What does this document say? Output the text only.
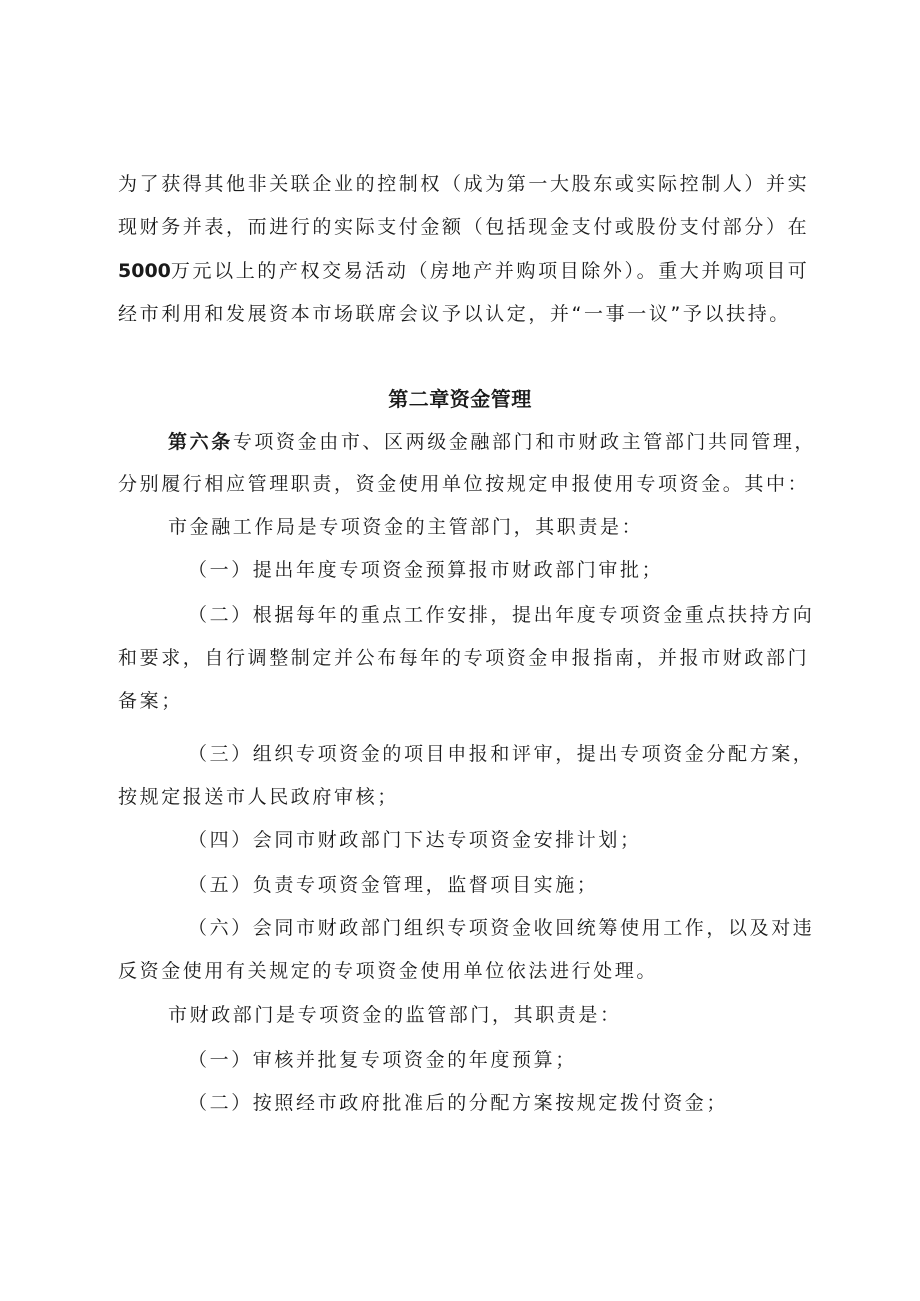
为了获得其他非关联企业的控制权（成为第一大股东或实际控制人）并实
现财务并表，而进行的实际支付金额（包括现金支付或股份支付部分）在
5000万元以上的产权交易活动（房地产并购项目除外）。重大并购项目可
经市利用和发展资本市场联席会议予以认定，并“一事一议”予以扶持。
第二章资金管理
第六条专项资金由市、区两级金融部门和市财政主管部门共同管理，
分别履行相应管理职责，资金使用单位按规定申报使用专项资金。其中：
市金融工作局是专项资金的主管部门，其职责是：
（一）提出年度专项资金预算报市财政部门审批；
（二）根据每年的重点工作安排，提出年度专项资金重点扶持方向
和要求，自行调整制定并公布每年的专项资金申报指南，并报市财政部门
备案；
（三）组织专项资金的项目申报和评审，提出专项资金分配方案，
按规定报送市人民政府审核；
（四）会同市财政部门下达专项资金安排计划；
（五）负责专项资金管理，监督项目实施；
（六）会同市财政部门组织专项资金收回统筹使用工作，以及对违
反资金使用有关规定的专项资金使用单位依法进行处理。
市财政部门是专项资金的监管部门，其职责是：
（一）审核并批复专项资金的年度预算；
（二）按照经市政府批准后的分配方案按规定拨付资金；
